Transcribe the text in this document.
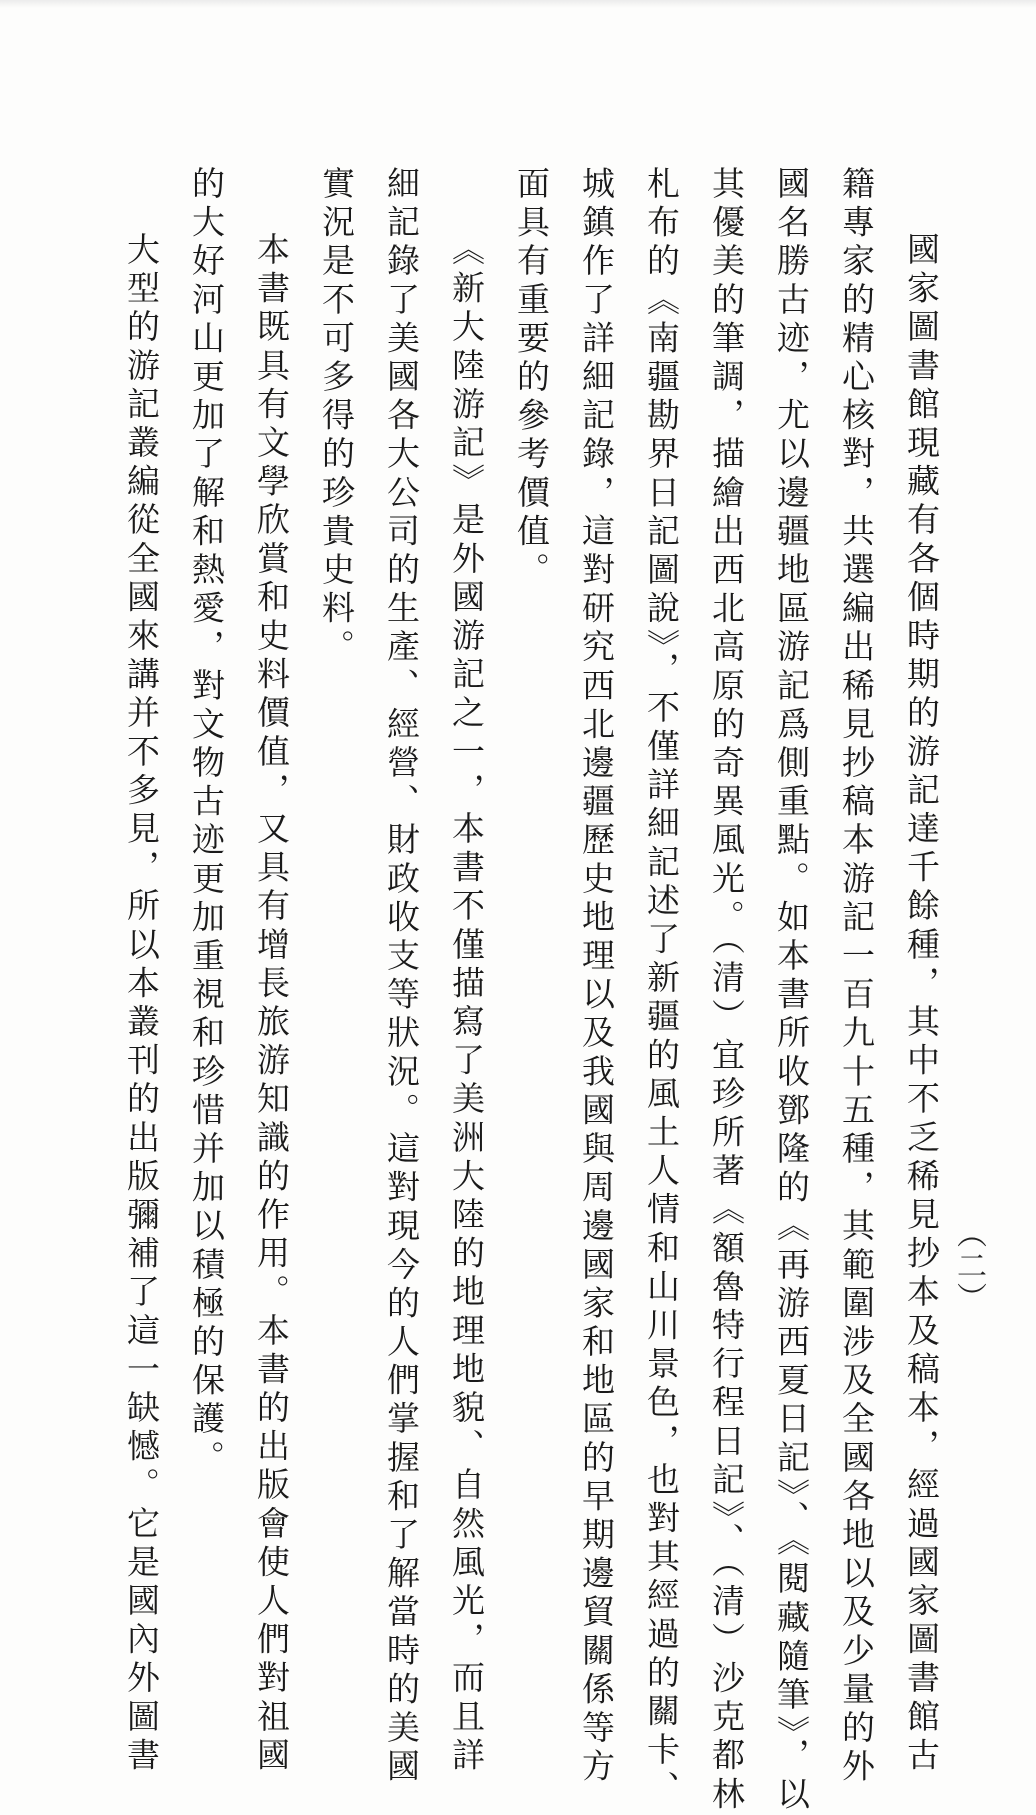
（二）
國家圖書館現藏有各個時期的游記達千餘種，其中不乏稀見抄本及稿本，經過國家圖書館古
籍專家的精心核對，共選編出稀見抄稿本游記一百九十五種，其範圍涉及全國各地以及少量的外
國名勝古迹，尤以邊疆地區游記爲側重點。如本書所收鄧隆的《再游西夏日記》、《閱藏隨筆》，以
其優美的筆調，描繪出西北高原的奇異風光。（清）宜珍所著《額魯特行程日記》、（清）沙克都林
札布的《南疆勘界日記圖說》，不僅詳細記述了新疆的風土人情和山川景色，也對其經過的關卡、
城鎮作了詳細記錄，這對研究西北邊疆歷史地理以及我國與周邊國家和地區的早期邊貿關係等方
面具有重要的參考價值。
《新大陸游記》是外國游記之一，本書不僅描寫了美洲大陸的地理地貌、自然風光，而且詳
細記錄了美國各大公司的生產、經營、財政收支等狀況。這對現今的人們掌握和了解當時的美國
實況是不可多得的珍貴史料。
本書既具有文學欣賞和史料價值，又具有增長旅游知識的作用。本書的出版會使人們對祖國
的大好河山更加了解和熱愛，對文物古迹更加重視和珍惜并加以積極的保護。
大型的游記叢編從全國來講并不多見，所以本叢刊的出版彌補了這一缺憾。它是國內外圖書
